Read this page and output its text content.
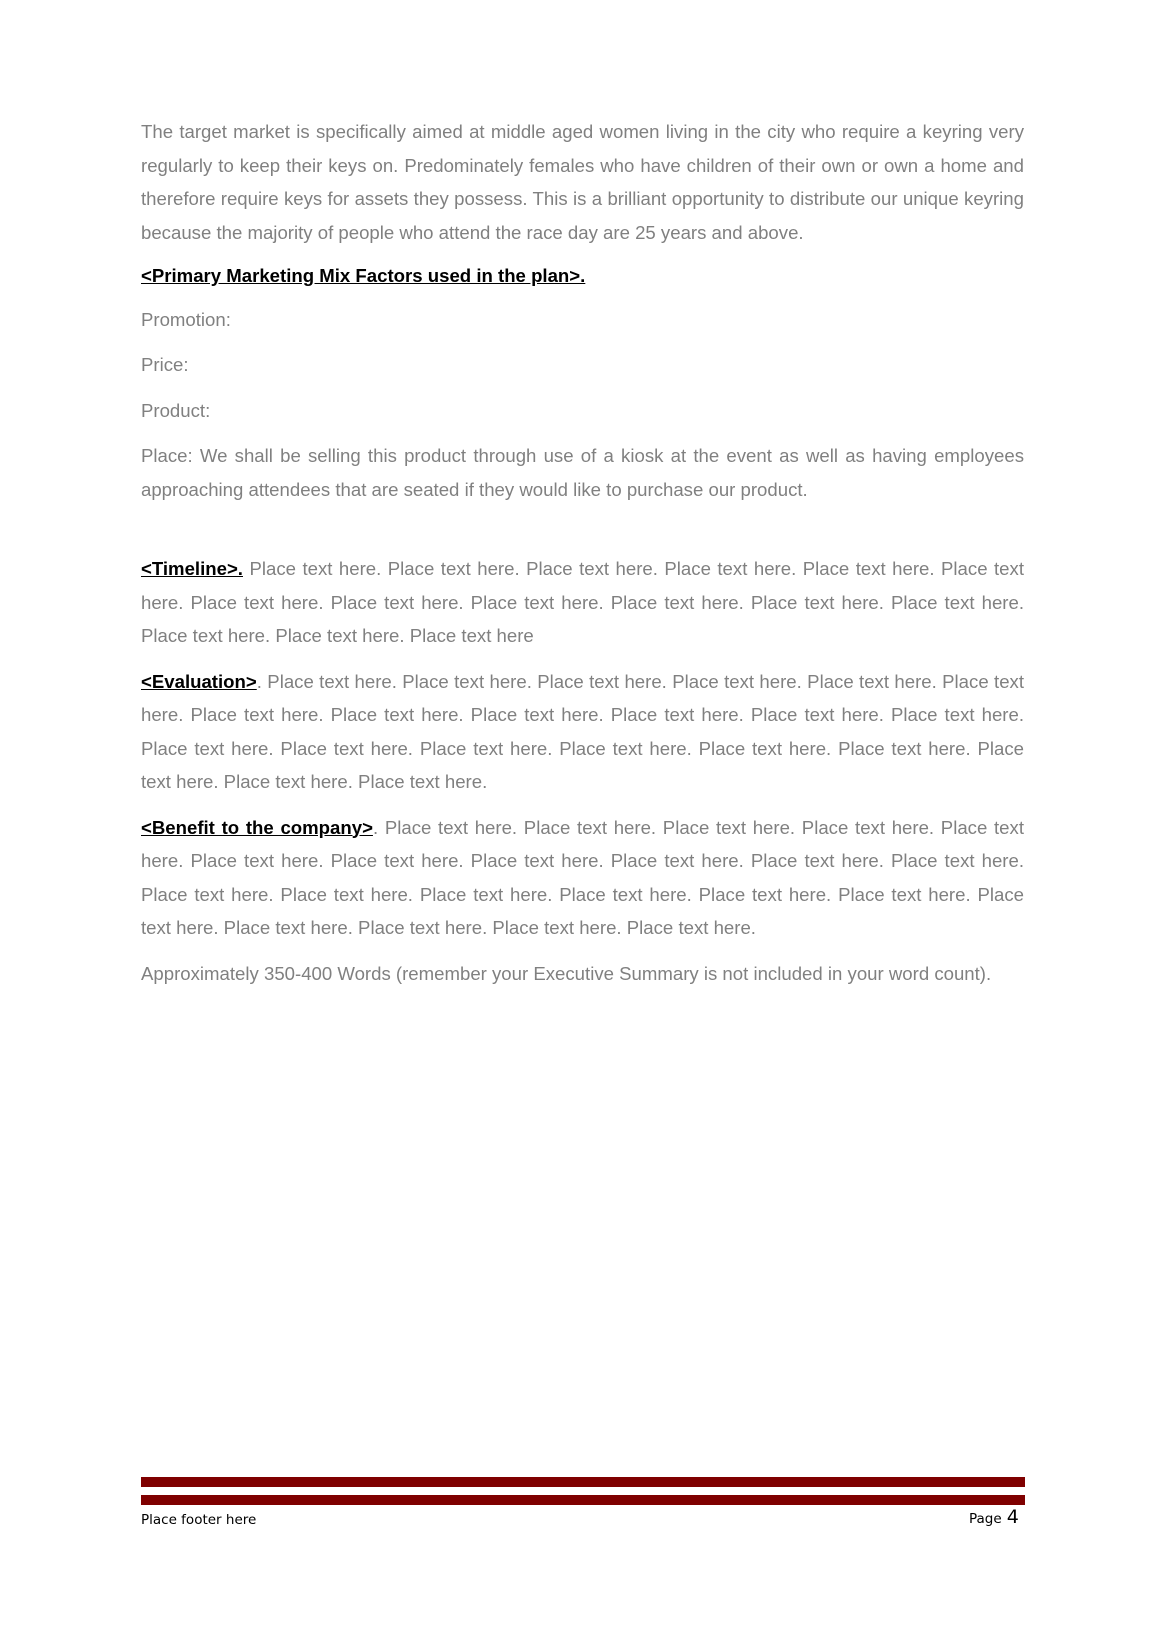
The target market is specifically aimed at middle aged women living in the city who require a keyring very regularly to keep their keys on. Predominately females who have children of their own or own a home and therefore require keys for assets they possess. This is a brilliant opportunity to distribute our unique keyring because the majority of people who attend the race day are 25 years and above.

<Primary Marketing Mix Factors used in the plan>.

Promotion:

Price:

Product:

Place: We shall be selling this product through use of a kiosk at the event as well as having employees approaching attendees that are seated if they would like to purchase our product.

<Timeline>. Place text here. Place text here. Place text here. Place text here. Place text here. Place text here. Place text here. Place text here. Place text here. Place text here. Place text here. Place text here. Place text here. Place text here. Place text here

<Evaluation>. Place text here. Place text here. Place text here. Place text here. Place text here. Place text here. Place text here. Place text here. Place text here. Place text here. Place text here. Place text here. Place text here. Place text here. Place text here. Place text here. Place text here. Place text here. Place text here. Place text here. Place text here.

<Benefit to the company>. Place text here. Place text here. Place text here. Place text here. Place text here. Place text here. Place text here. Place text here. Place text here. Place text here. Place text here. Place text here. Place text here. Place text here. Place text here. Place text here. Place text here. Place text here. Place text here. Place text here. Place text here. Place text here.

Approximately 350-400 Words (remember your Executive Summary is not included in your word count).

Place footer here	Page 4
